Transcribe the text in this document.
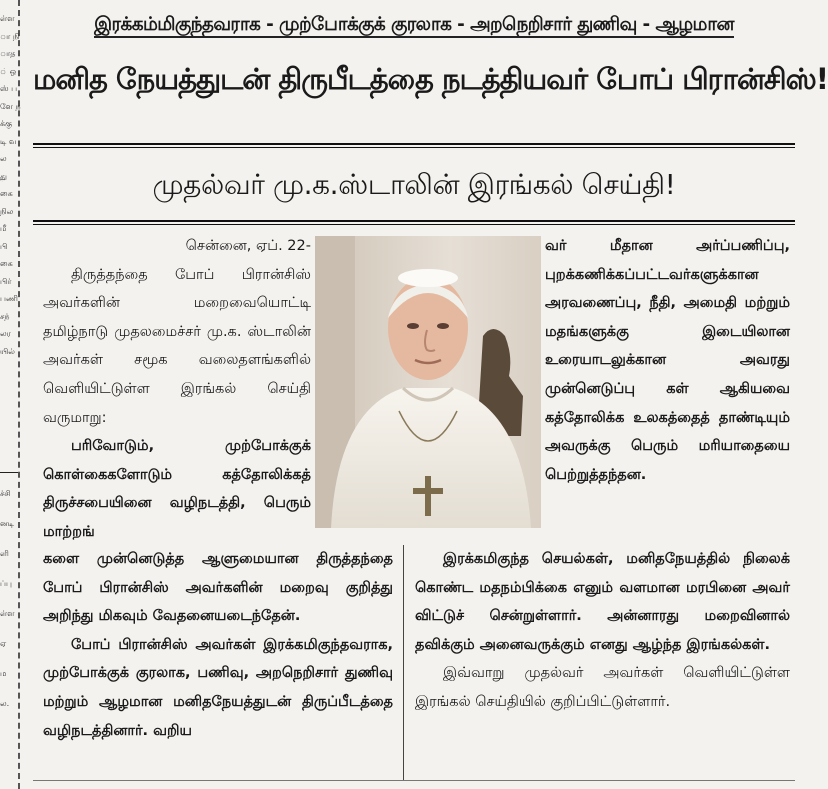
ள்ள
ா நி
ாத
் ஒ
ஸ் ப
ளே ந
க்கு
டி வ
ல
து
கை
நில
மீ
பி
கை
பிர்
பணி
சந்
லர
யில்
ச்சி
னடி
ளி
ப்பு
ள்ள
ஏ
ம
ல.
இரக்கம்மிகுந்தவராக - முற்போக்குக் குரலாக - அறநெறிசார் துணிவு - ஆழமான
மனித நேயத்துடன் திருபீடத்தை நடத்தியவர் போப் பிரான்சிஸ்!
முதல்வர் மு.க.ஸ்டாலின் இரங்கல் செய்தி!

சென்னை, ஏப். 22-

திருத்தந்தை போப் பிரான்சிஸ் அவர்களின் மறைவையொட்டி தமிழ்நாடு முதலமைச்சர் மு.க. ஸ்டாலின் அவர்கள் சமூக வலைதளங்களில் வெளியிட்டுள்ள இரங்கல் செய்தி வருமாறு:

பரிவோடும், முற்போக்குக் கொள்கைகளோடும் கத்தோலிக்கத் திருச்சபையினை வழிநடத்தி, பெரும் மாற்றங்

வர் மீதான அர்ப்பணிப்பு, புறக்கணிக்கப்பட்டவர்களுக்கான அரவணைப்பு, நீதி, அமைதி மற்றும் மதங்களுக்கு இடையிலான உரையாடலுக்கான அவரது முன்னெடுப்பு கள் ஆகியவை கத்தோலிக்க உலகத்தைத் தாண்டியும் அவருக்கு பெரும் மரியாதையை பெற்றுத்தந்தன.

களை முன்னெடுத்த ஆளுமையான திருத்தந்தை போப் பிரான்சிஸ் அவர்களின் மறைவு குறித்து அறிந்து மிகவும் வேதனையடைந்தேன்.

போப் பிரான்சிஸ் அவர்கள் இரக்கமிகுந்தவராக, முற்போக்குக் குரலாக, பணிவு, அறநெறிசார் துணிவு மற்றும் ஆழமான மனிதநேயத்துடன் திருப்பீடத்தை வழிநடத்தினார். வறிய

இரக்கமிகுந்த செயல்கள், மனிதநேயத்தில் நிலைக் கொண்ட மதநம்பிக்கை எனும் வளமான மரபினை அவர் விட்டுச் சென்றுள்ளார். அன்னாரது மறைவினால் தவிக்கும் அனைவருக்கும் எனது ஆழ்ந்த இரங்கல்கள்.

இவ்வாறு முதல்வர் அவர்கள் வெளியிட்டுள்ள இரங்கல் செய்தியில் குறிப்பிட்டுள்ளார்.
